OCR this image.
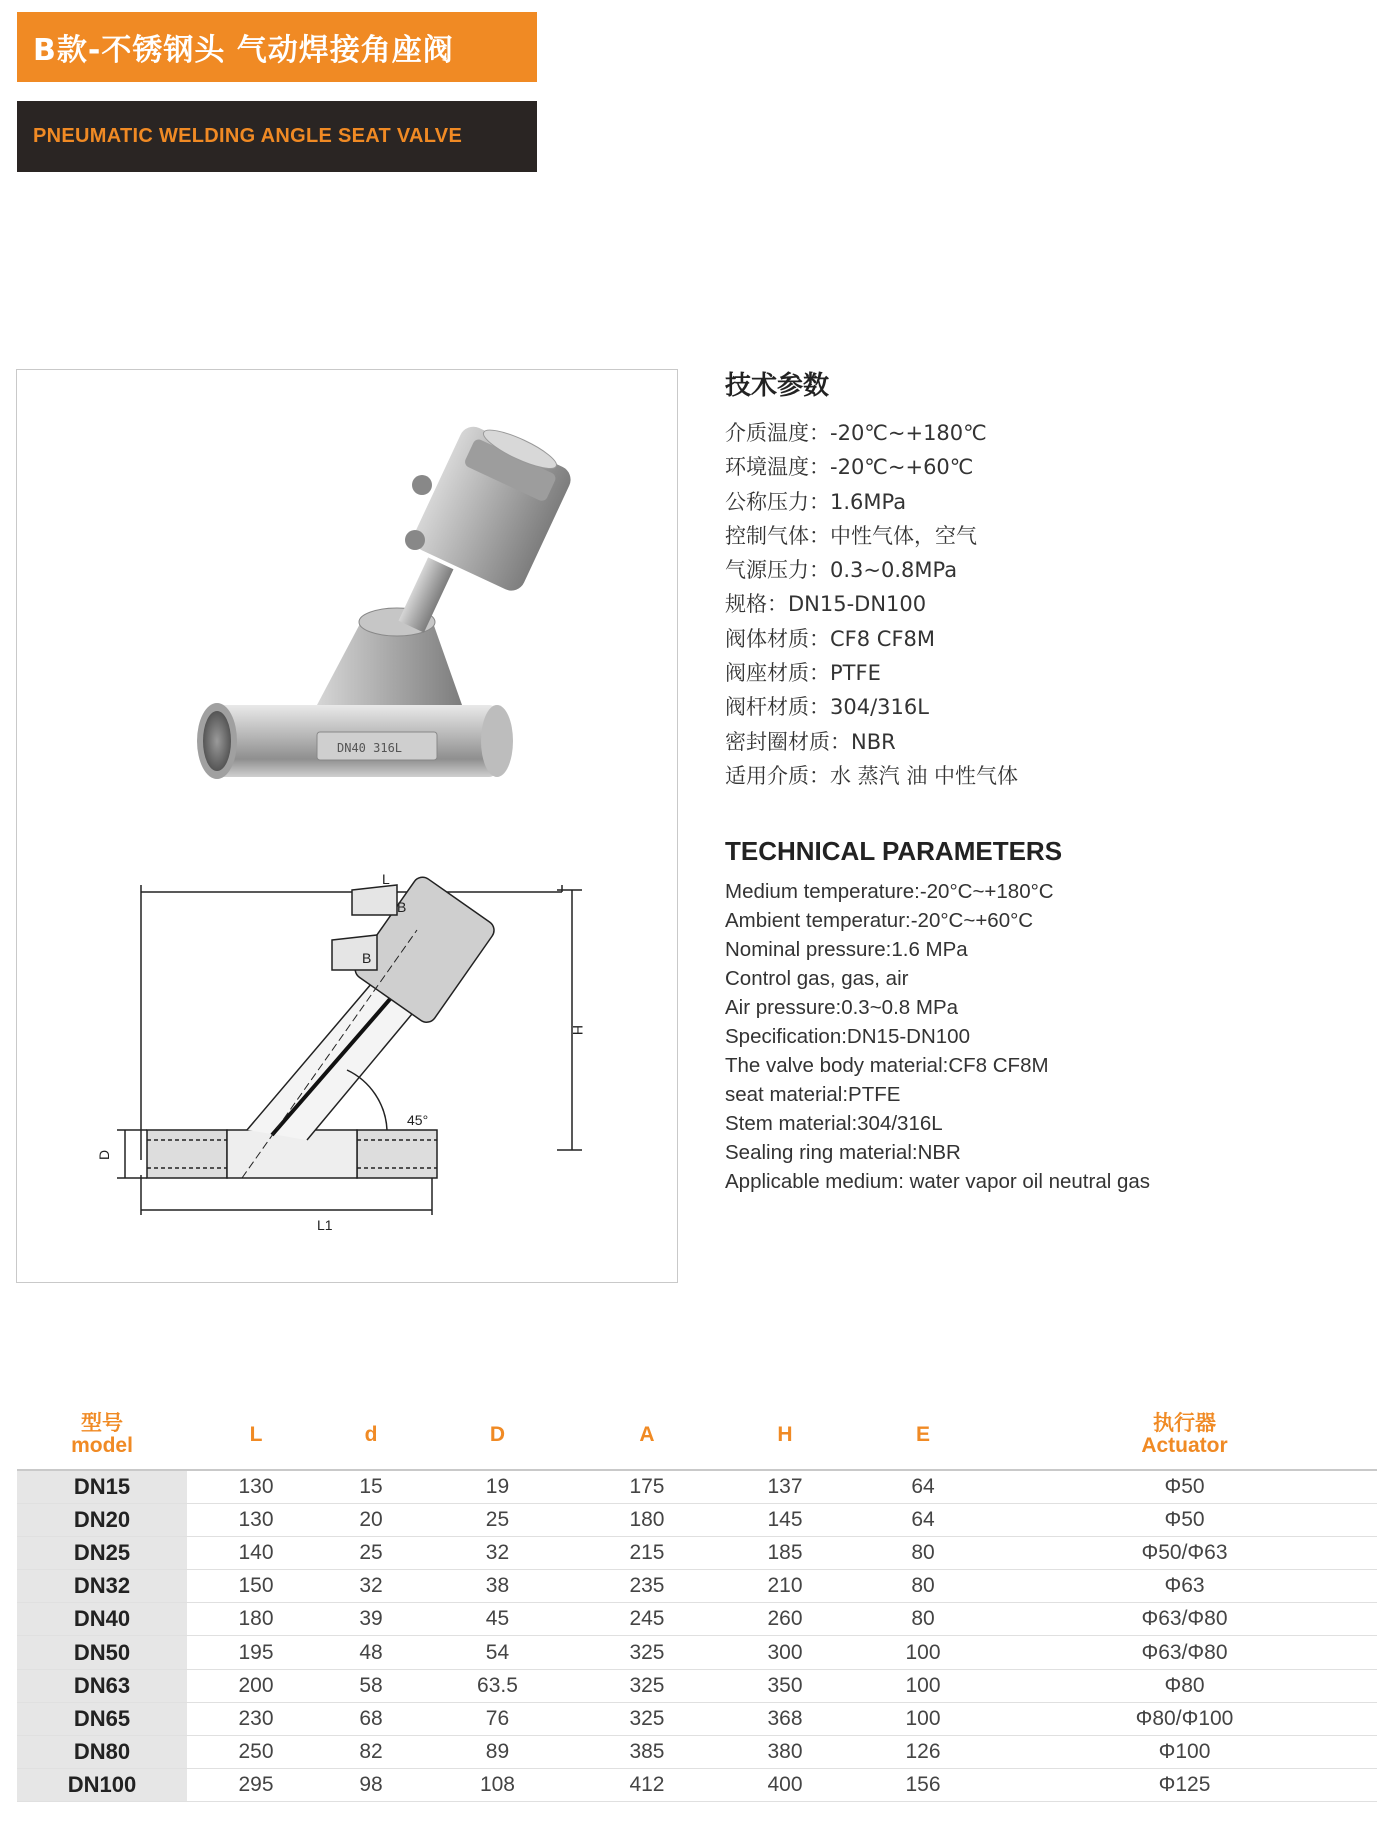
B款-不锈钢头 气动焊接角座阀
PNEUMATIC WELDING ANGLE SEAT VALVE
DN40 316L
L
L1
H
D
B
B
45°
技术参数
介质温度：-20℃~+180℃
环境温度：-20℃~+60℃
公称压力：1.6MPa
控制气体：中性气体，空气
气源压力：0.3~0.8MPa
规格：DN15-DN100
阀体材质：CF8 CF8M
阀座材质：PTFE
阀杆材质：304/316L
密封圈材质：NBR
适用介质：水 蒸汽 油 中性气体
TECHNICAL PARAMETERS
Medium temperature:-20°C~+180°C
Ambient temperatur:-20°C~+60°C
Nominal pressure:1.6 MPa
Control gas, gas, air
Air pressure:0.3~0.8 MPa
Specification:DN15-DN100
The valve body material:CF8 CF8M
seat material:PTFE
Stem material:304/316L
Sealing ring material:NBR
Applicable medium: water vapor oil neutral gas
型号
model	L	d	D	A	H	E	执行器
Actuator
DN15	130	15	19	175	137	64	Φ50
DN20	130	20	25	180	145	64	Φ50
DN25	140	25	32	215	185	80	Φ50/Φ63
DN32	150	32	38	235	210	80	Φ63
DN40	180	39	45	245	260	80	Φ63/Φ80
DN50	195	48	54	325	300	100	Φ63/Φ80
DN63	200	58	63.5	325	350	100	Φ80
DN65	230	68	76	325	368	100	Φ80/Φ100
DN80	250	82	89	385	380	126	Φ100
DN100	295	98	108	412	400	156	Φ125
